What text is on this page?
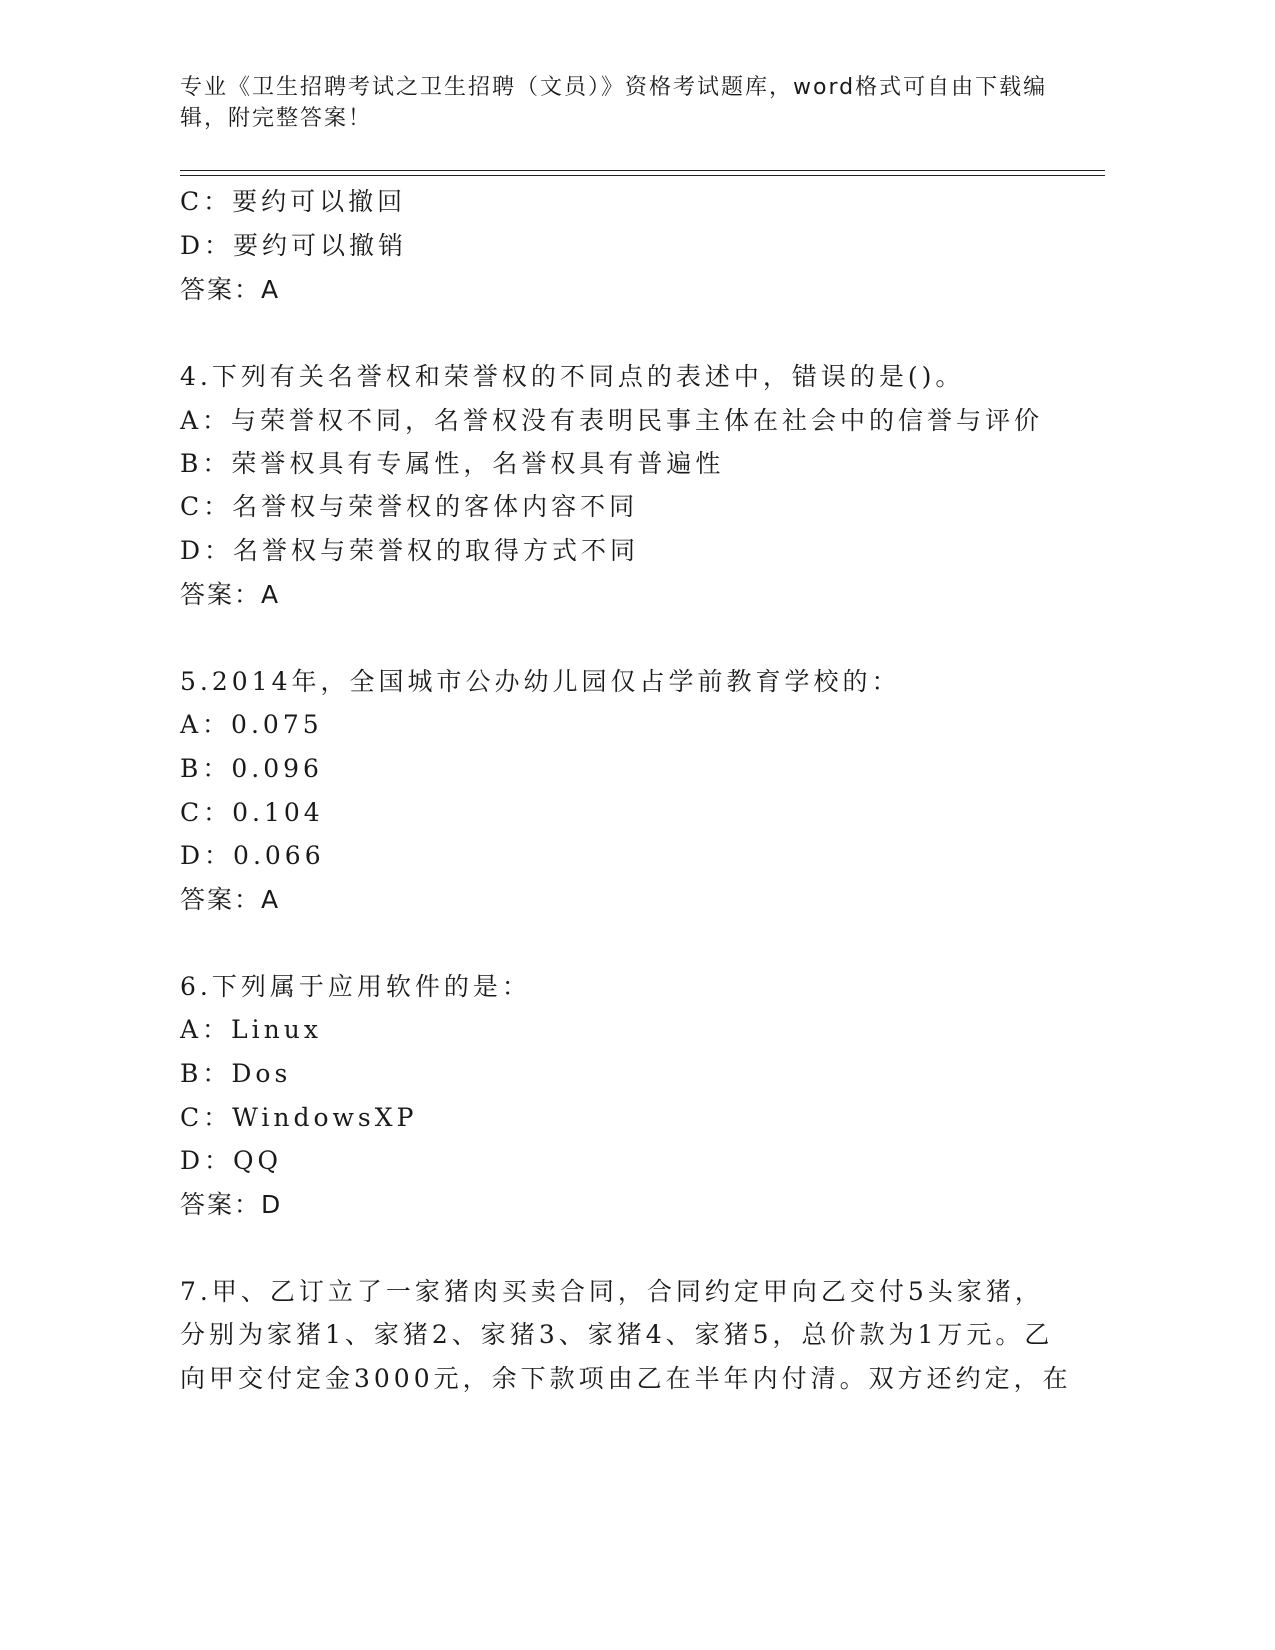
专业《卫生招聘考试之卫生招聘（文员）》资格考试题库，word格式可自由下载编辑，附完整答案！
C：要约可以撤回
D：要约可以撤销
答案：A
4.下列有关名誉权和荣誉权的不同点的表述中，错误的是()。
A：与荣誉权不同，名誉权没有表明民事主体在社会中的信誉与评价
B：荣誉权具有专属性，名誉权具有普遍性
C：名誉权与荣誉权的客体内容不同
D：名誉权与荣誉权的取得方式不同
答案：A
5.2014年，全国城市公办幼儿园仅占学前教育学校的：
A：0.075
B：0.096
C：0.104
D：0.066
答案：A
6.下列属于应用软件的是：
A：Linux
B：Dos
C：WindowsXP
D：QQ
答案：D
7.甲、乙订立了一家猪肉买卖合同，合同约定甲向乙交付5头家猪，
分别为家猪1、家猪2、家猪3、家猪4、家猪5，总价款为1万元。乙
向甲交付定金3000元，余下款项由乙在半年内付清。双方还约定，在
